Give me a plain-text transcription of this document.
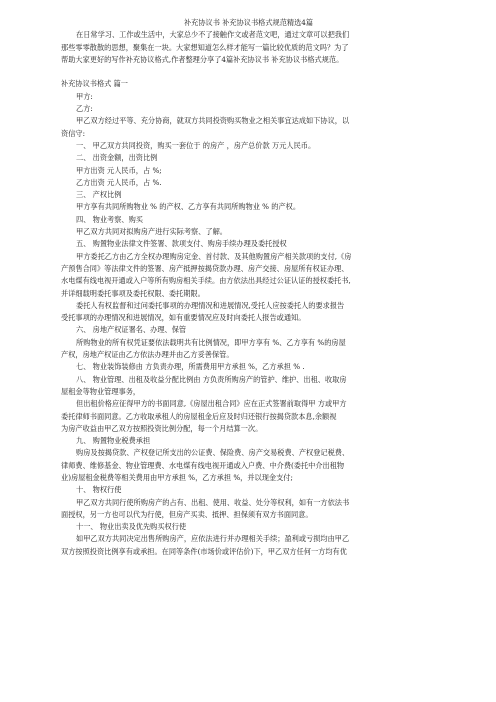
补充协议书 补充协议书格式规范精选4篇

在日常学习、工作或生活中，大家总少不了接触作文或者范文吧，通过文章可以把我们

那些零零散散的思想，聚集在一块。大家想知道怎么样才能写一篇比较优质的范文吗？为了

帮助大家更好的写作补充协议格式,作者整理分享了4篇补充协议书 补充协议书格式规范。

补充协议书格式 篇一

甲方:

乙方:

甲乙双方经过平等、充分协商，就双方共同投资购买物业之相关事宜达成如下协议，以

资信守:

一、 甲乙双方共同投资，购买一套位于 的房产 ，房产总价款 万元人民币。

二、 出资金额，出资比例

甲方出资 元人民币，占 %;

乙方出资 元人民币，占 %.

三、 产权比例

甲方享有共同所购物业 % 的产权、乙方享有共同所购物业 % 的产权。

四、 物业考察、购买

甲乙双方共同对拟购房产进行实际考察、了解。

五、 购置物业法律文件签署、款项支付、购房手续办理及委托授权

甲方委托乙方由乙方全权办理购房定金、首付款、及其他购置房产相关款项的支付,《房

产预售合同》等法律文件的签署、房产抵押按揭贷款办理、房产交接、房屋所有权证办理、

水电煤有线电视开通或入户等所有购房相关手续。由方依法出具经过公证认证的授权委托书,

并详细载明委托事项及委托权限、委托期限。

委托人有权监督和过问委托事项的办理情况和进展情况,受托人应按委托人的要求报告

受托事项的办理情况和进展情况，如有重要情况应及时向委托人报告或通知。

六、 房地产权证署名、办理、保管

所购物业的所有权凭证要依法载明共有比例情况，即甲方享有 %、乙方享有 %的房屋

产权，房地产权证由乙方依法办理并由乙方妥善保管。

七、 物业装饰装修由 方负责办理，所需费用甲方承担 %，乙方承担 % .

八、 物业管理、出租及收益分配比例由 方负责所购房产的管护、维护、出租、收取房

屋租金等物业管理事务，

但出租价格应征得甲方的书面同意,《房屋出租合同》应在正式签署前取得甲 方或甲方

委托律师书面同意。乙方收取承租人的房屋租金后应及时归还银行按揭贷款本息,余额视

为房产收益由甲乙双方按照投资比例分配，每一个月结算一次。

九、 购置物业税费承担

购房及按揭贷款、产权登记所支出的公证费、保险费、房产交易税费、产权登记税费、

律师费、维修基金、物业管理费、水电煤有线电视开通或入户费、中介费(委托中介出租物

业)房屋租金税费等相关费用由甲方承担 %，乙方承担 %，并以现金支付;

十、 物权行使

甲乙双方共同行使所购房产的占有、出租、使用、收益、处分等权利，如有一方依法书

面授权，另一方也可以代为行使，但房产买卖、抵押、担保须有双方书面同意。

十一、 物业出卖及优先购买权行使

如甲乙双方共同决定出售所购房产，应依法进行并办理相关手续；盈利或亏损均由甲乙

双方按照投资比例享有或承担。在同等条件(市场价或评估价)下，甲乙双方任何一方均有优
